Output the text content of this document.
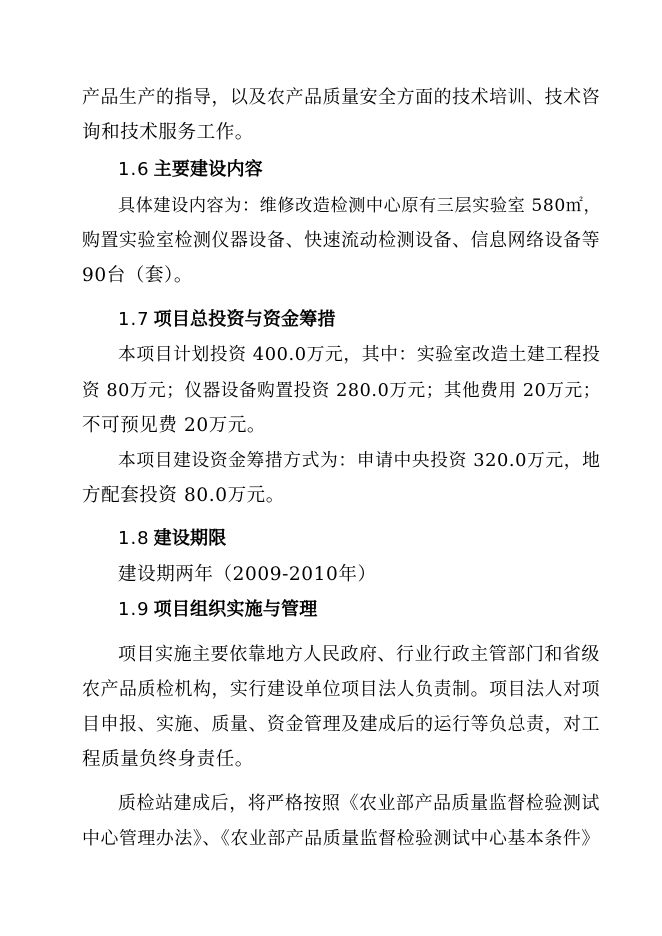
产品生产的指导，以及农产品质量安全方面的技术培训、技术咨
询和技术服务工作。
1.6 主要建设内容
具体建设内容为：维修改造检测中心原有三层实验室 580㎡，
购置实验室检测仪器设备、快速流动检测设备、信息网络设备等
90台（套）。
1.7 项目总投资与资金筹措
本项目计划投资 400.0万元，其中：实验室改造土建工程投
资 80万元；仪器设备购置投资 280.0万元；其他费用 20万元；
不可预见费 20万元。
本项目建设资金筹措方式为：申请中央投资 320.0万元，地
方配套投资 80.0万元。
1.8 建设期限
建设期两年（2009-2010年）
1.9 项目组织实施与管理
项目实施主要依靠地方人民政府、行业行政主管部门和省级
农产品质检机构，实行建设单位项目法人负责制。项目法人对项
目申报、实施、质量、资金管理及建成后的运行等负总责，对工
程质量负终身责任。
质检站建成后，将严格按照《农业部产品质量监督检验测试
中心管理办法》、《农业部产品质量监督检验测试中心基本条件》
